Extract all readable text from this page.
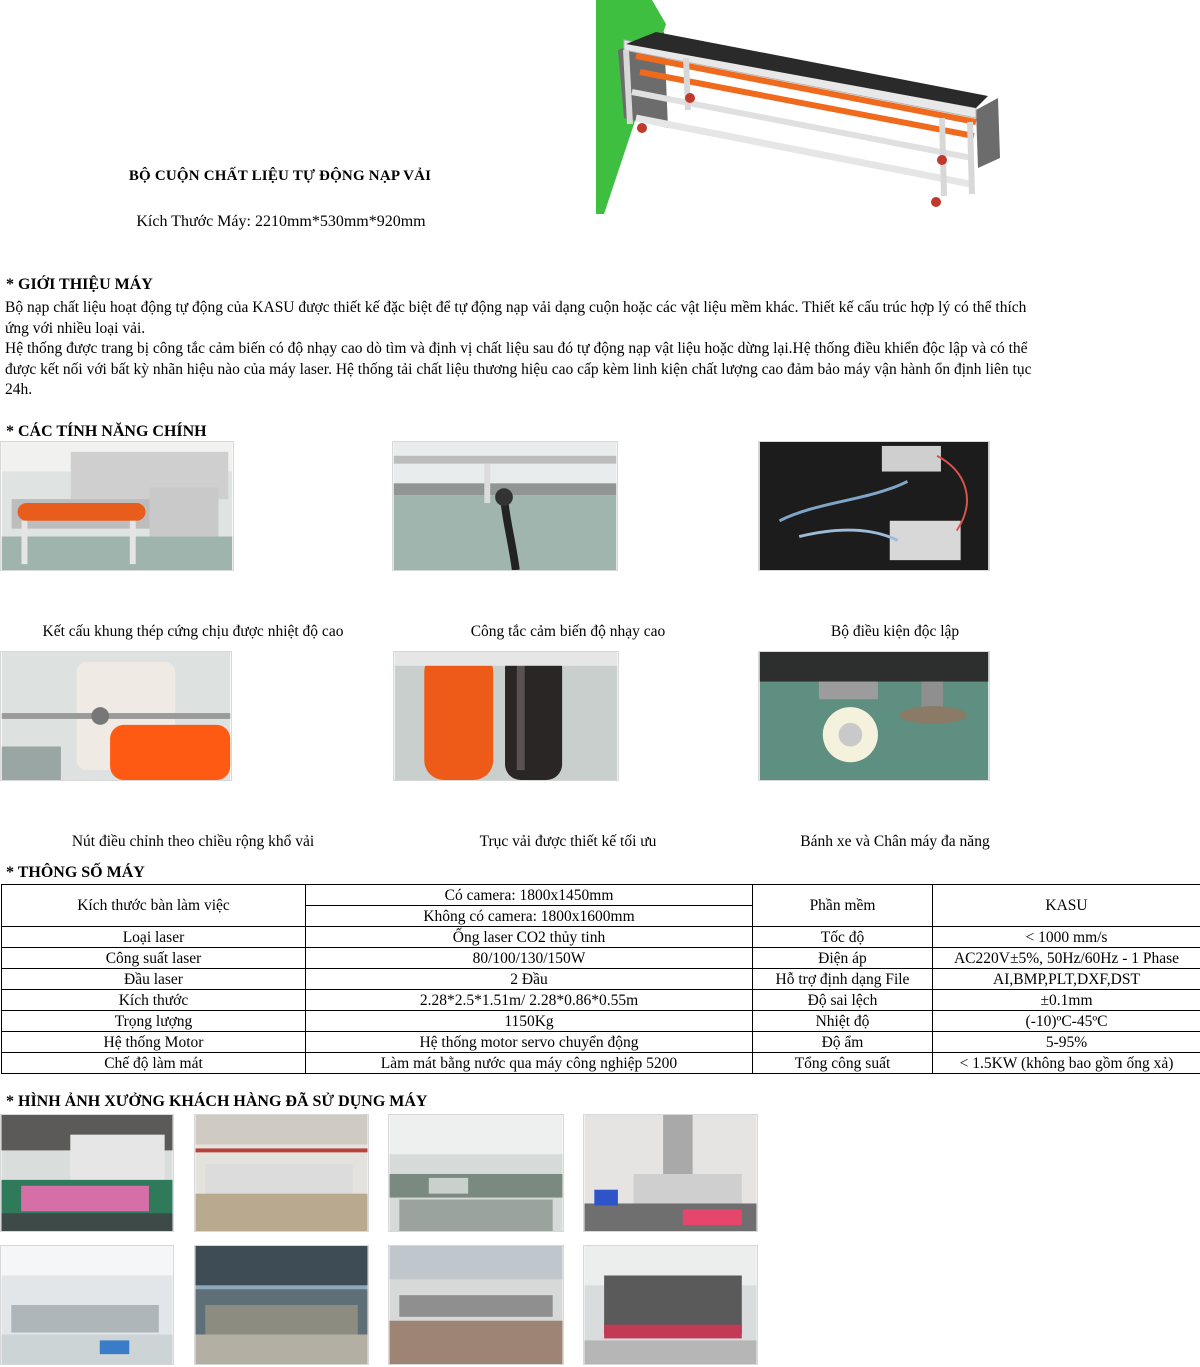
BỘ CUỘN CHẤT LIỆU TỰ ĐỘNG NẠP VẢI
Kích Thước Máy: 2210mm*530mm*920mm
* GIỚI THIỆU MÁY
Bộ nạp chất liệu hoạt động tự động của KASU được thiết kế đặc biệt để tự động nạp vải dạng cuộn hoặc các vật liệu mềm khác. Thiết kế cấu trúc hợp lý có thể thích ứng với nhiều loại vải.
Hệ thống được trang bị công tắc cảm biến có độ nhạy cao dò tìm và định vị chất liệu sau đó tự động nạp vật liệu hoặc dừng lại.Hệ thống điều khiển độc lập và có thể được kết nối với bất kỳ nhãn hiệu nào của máy laser. Hệ thống tải chất liệu thương hiệu cao cấp kèm linh kiện chất lượng cao đảm bảo máy vận hành ổn định liên tục 24h.
* CÁC TÍNH NĂNG CHÍNH
Kết cấu khung thép cứng chịu được nhiệt độ cao	Công tắc cảm biến độ nhạy cao	Bộ điều kiện độc lập
Nút điều chỉnh theo chiều rộng khổ vải	Trục vải được thiết kế tối ưu	Bánh xe và Chân máy đa năng
* THÔNG SỐ MÁY
Kích thước bàn làm việc	Có camera: 1800x1450mm	Phần mềm	KASU
	Không có camera: 1800x1600mm		
Loại laser	Ống laser CO2 thủy tinh	Tốc độ	< 1000 mm/s
Công suất laser	80/100/130/150W	Điện áp	AC220V±5%, 50Hz/60Hz - 1 Phase
Đầu laser	2 Đầu	Hỗ trợ định dạng File	AI,BMP,PLT,DXF,DST
Kích thước	2.28*2.5*1.51m/ 2.28*0.86*0.55m	Độ sai lệch	±0.1mm
Trọng lượng	1150Kg	Nhiệt độ	(-10)ºC-45ºC
Hệ thống Motor	Hệ thống motor servo chuyển động	Độ ẩm	5-95%
Chế độ làm mát	Làm mát bằng nước qua máy công nghiệp 5200	Tổng công suất	< 1.5KW (không bao gồm ống xả)
* HÌNH ẢNH XƯỞNG KHÁCH HÀNG ĐÃ SỬ DỤNG MÁY
